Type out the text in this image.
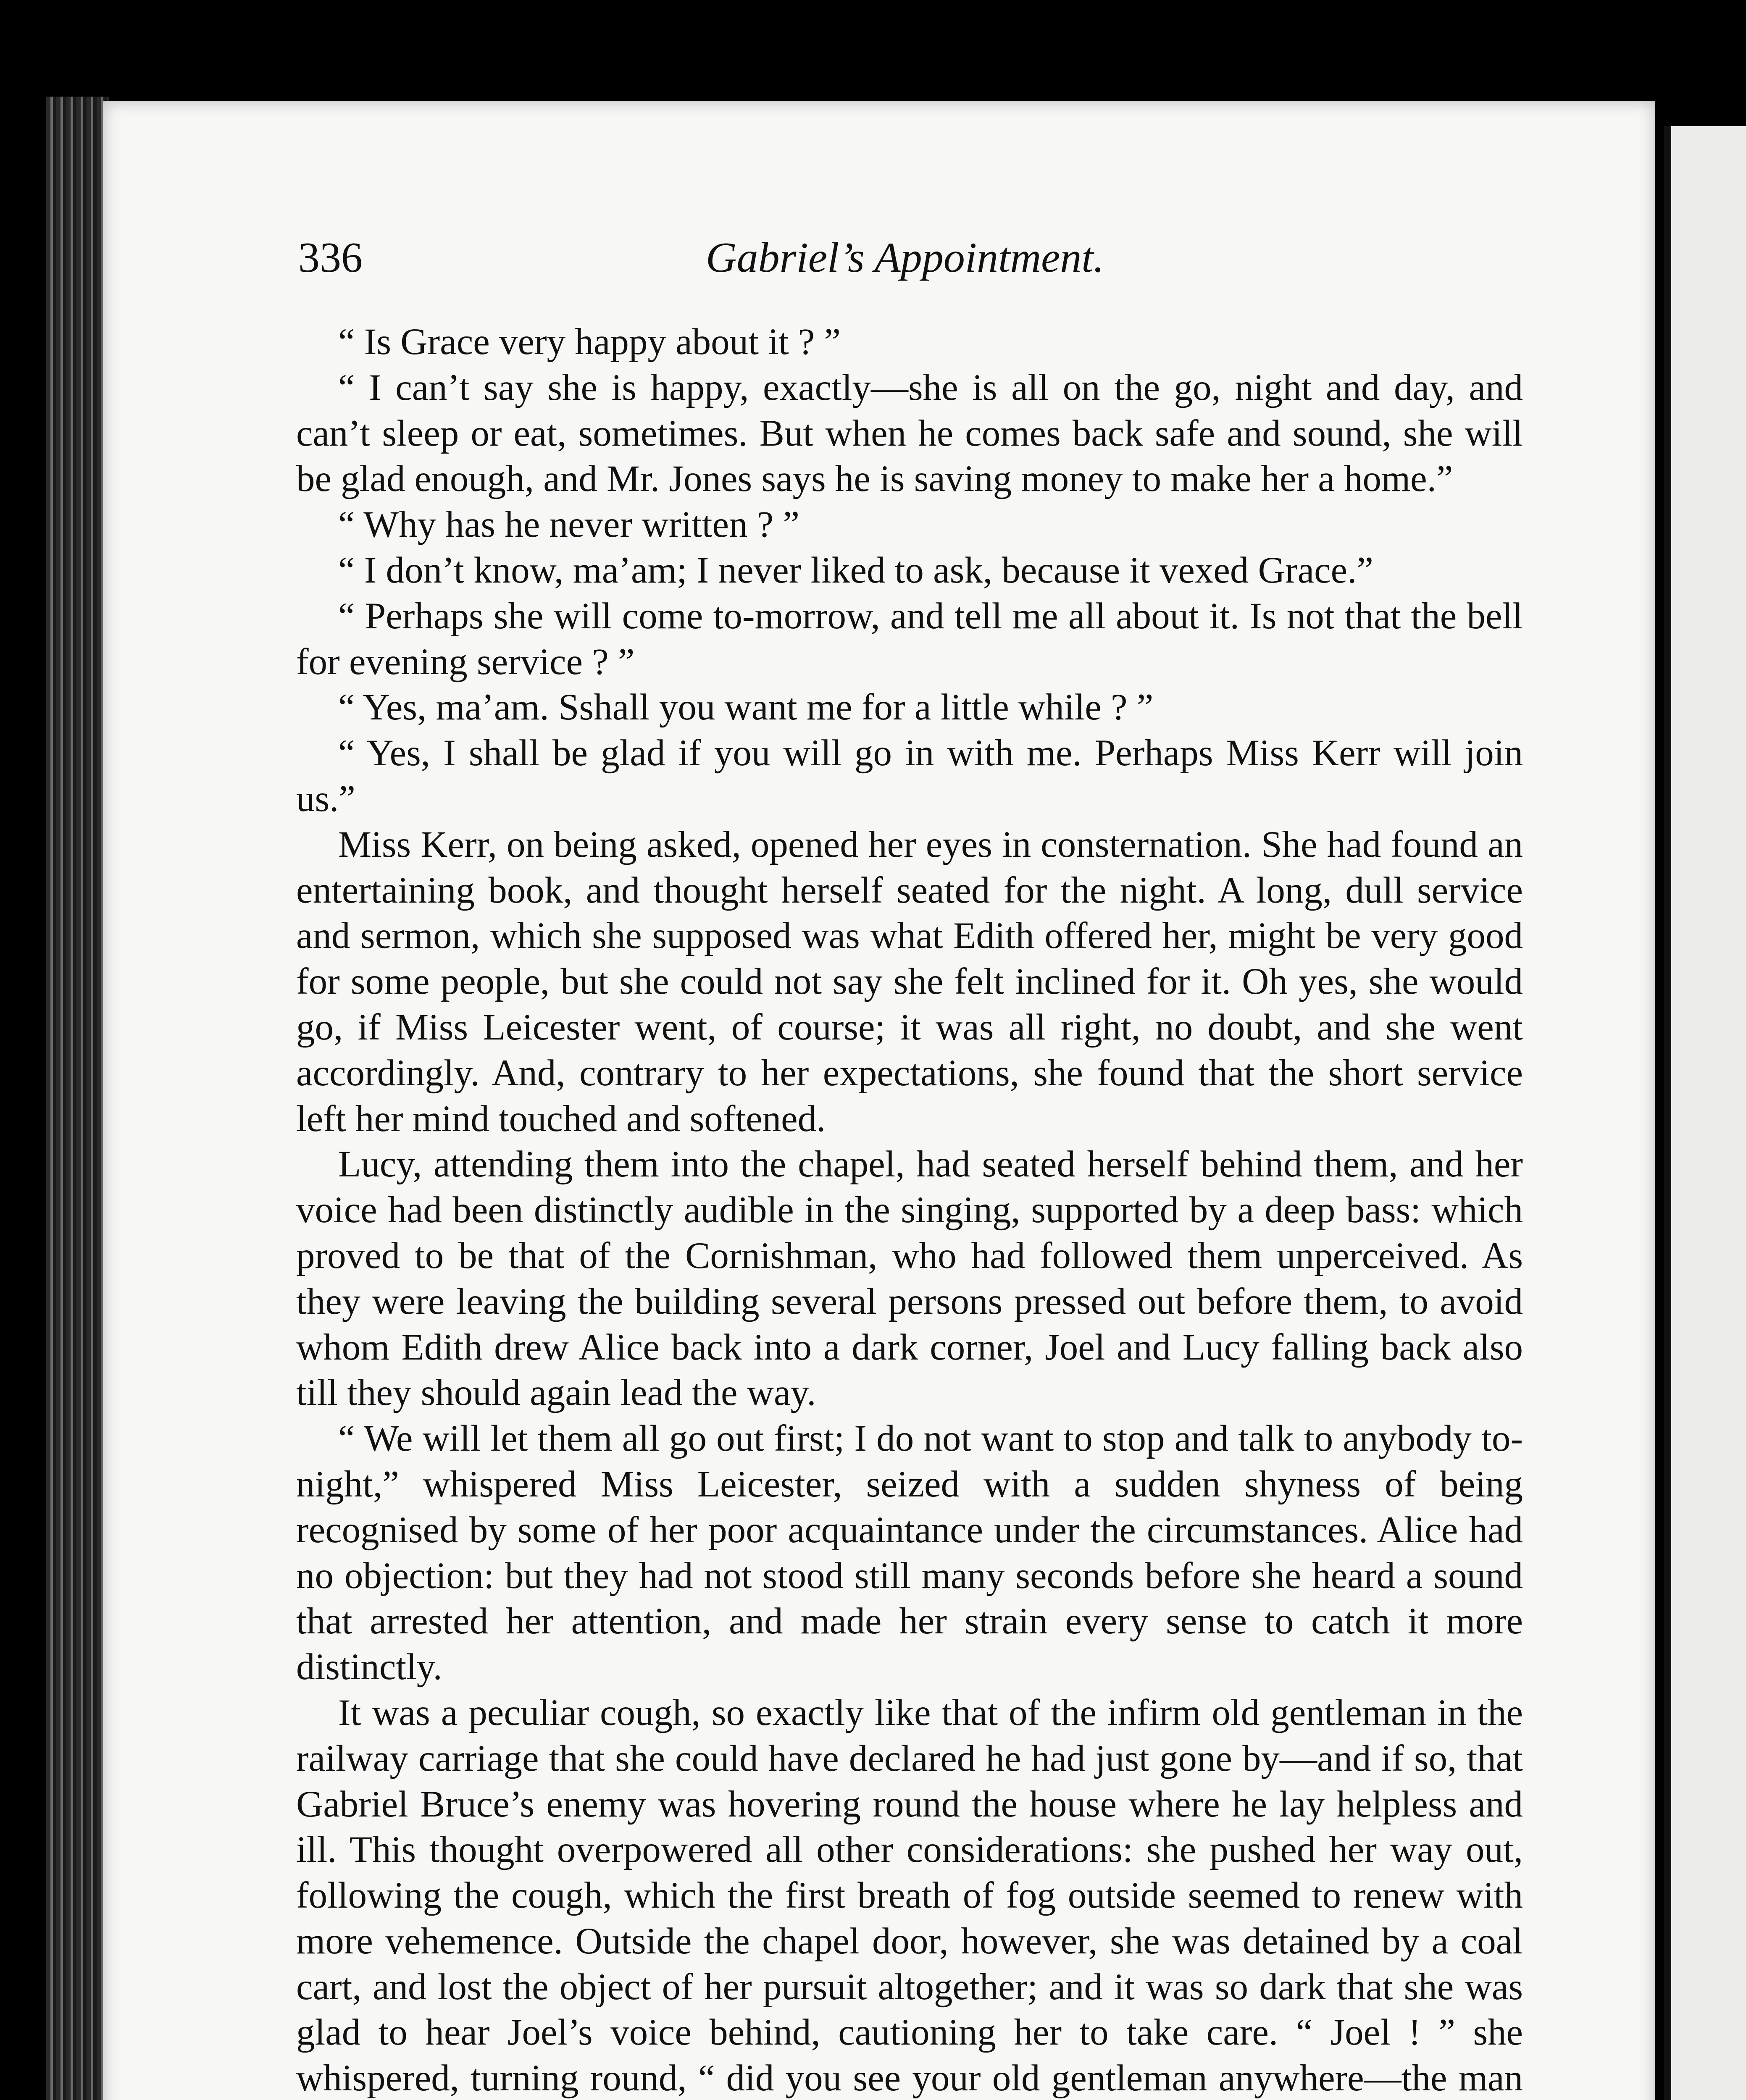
336	Gabriel’s Appointment.

“ Is Grace very happy about it ? ”

“ I can’t say she is happy, exactly—she is all on the go, night and day, and can’t sleep or eat, sometimes. But when he comes back safe and sound, she will be glad enough, and Mr. Jones says he is saving money to make her a home.”

“ Why has he never written ? ”

“ I don’t know, ma’am; I never liked to ask, because it vexed Grace.”

“ Perhaps she will come to-morrow, and tell me all about it. Is not that the bell for evening service ? ”

“ Yes, ma’am. Sshall you want me for a little while ? ”

“ Yes, I shall be glad if you will go in with me. Perhaps Miss Kerr will join us.”

Miss Kerr, on being asked, opened her eyes in consternation. She had found an entertaining book, and thought herself seated for the night. A long, dull service and sermon, which she supposed was what Edith offered her, might be very good for some people, but she could not say she felt inclined for it. Oh yes, she would go, if Miss Leicester went, of course; it was all right, no doubt, and she went accordingly. And, contrary to her expectations, she found that the short service left her mind touched and softened.

Lucy, attending them into the chapel, had seated herself behind them, and her voice had been distinctly audible in the singing, supported by a deep bass: which proved to be that of the Cornishman, who had followed them unperceived. As they were leaving the building several persons pressed out before them, to avoid whom Edith drew Alice back into a dark corner, Joel and Lucy falling back also till they should again lead the way.

“ We will let them all go out first; I do not want to stop and talk to anybody to-night,” whispered Miss Leicester, seized with a sudden shyness of being recognised by some of her poor acquaintance under the circumstances. Alice had no objection: but they had not stood still many seconds before she heard a sound that arrested her attention, and made her strain every sense to catch it more distinctly.

It was a peculiar cough, so exactly like that of the infirm old gentleman in the railway carriage that she could have declared he had just gone by—and if so, that Gabriel Bruce’s enemy was hovering round the house where he lay helpless and ill. This thought overpowered all other considerations: she pushed her way out, following the cough, which the first breath of fog outside seemed to renew with more vehemence. Outside the chapel door, however, she was detained by a coal cart, and lost the object of her pursuit altogether; and it was so dark that she was glad to hear Joel’s voice behind, cautioning her to take care. “ Joel ! ” she whispered, turning round, “ did you see your old gentleman anywhere—the man
